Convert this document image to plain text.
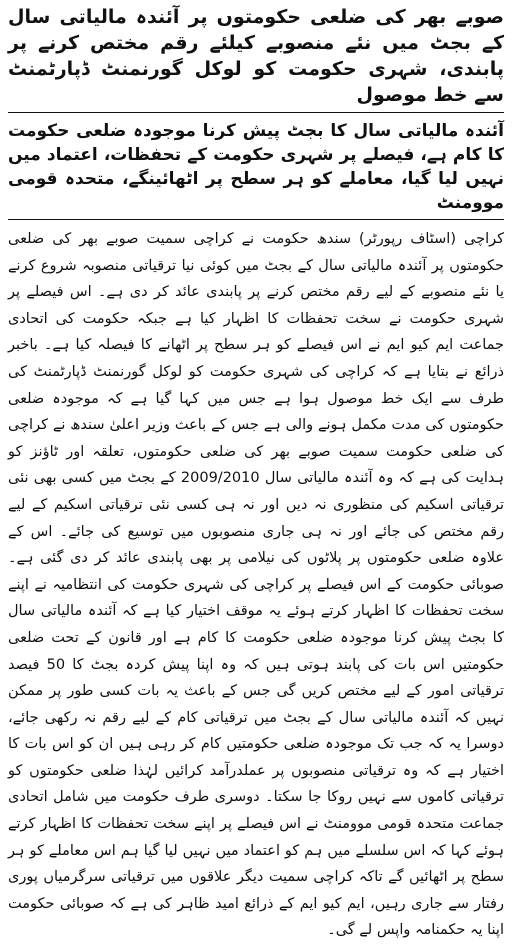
صوبے بھر کی ضلعی حکومتوں پر آئندہ مالیاتی سال کے بجٹ میں نئے منصوبے کیلئے رقم مختص کرنے پر پابندی، شہری حکومت کو لوکل گورنمنٹ ڈپارٹمنٹ سے خط موصول
آئندہ مالیاتی سال کا بجٹ پیش کرنا موجودہ ضلعی حکومت کا کام ہے، فیصلے پر شہری حکومت کے تحفظات، اعتماد میں نہیں لیا گیا، معاملے کو ہر سطح پر اٹھائینگے، متحدہ قومی موومنٹ

کراچی (اسٹاف رپورٹر) سندھ حکومت نے کراچی سمیت صوبے بھر کی ضلعی حکومتوں پر آئندہ مالیاتی سال کے بجٹ میں کوئی نیا ترقیاتی منصوبہ شروع کرنے یا نئے منصوبے کے لیے رقم مختص کرنے پر پابندی عائد کر دی ہے۔ اس فیصلے پر شہری حکومت نے سخت تحفظات کا اظہار کیا ہے جبکہ حکومت کی اتحادی جماعت ایم کیو ایم نے اس فیصلے کو ہر سطح پر اٹھانے کا فیصلہ کیا ہے۔ باخبر ذرائع نے بتایا ہے کہ کراچی کی شہری حکومت کو لوکل گورنمنٹ ڈپارٹمنٹ کی طرف سے ایک خط موصول ہوا ہے جس میں کہا گیا ہے کہ موجودہ ضلعی حکومتوں کی مدت مکمل ہونے والی ہے جس کے باعث وزیر اعلیٰ سندھ نے کراچی کی ضلعی حکومت سمیت صوبے بھر کی ضلعی حکومتوں، تعلقہ اور ٹاؤنز کو ہدایت کی ہے کہ وہ آئندہ مالیاتی سال 2009/2010 کے بجٹ میں کسی بھی نئی ترقیاتی اسکیم کی منظوری نہ دیں اور نہ ہی کسی نئی ترقیاتی اسکیم کے لیے رقم مختص کی جائے اور نہ ہی جاری منصوبوں میں توسیع کی جائے۔ اس کے علاوہ ضلعی حکومتوں پر پلاٹوں کی نیلامی پر بھی پابندی عائد کر دی گئی ہے۔ صوبائی حکومت کے اس فیصلے پر کراچی کی شہری حکومت کی انتظامیہ نے اپنے سخت تحفظات کا اظہار کرتے ہوئے یہ موقف اختیار کیا ہے کہ آئندہ مالیاتی سال کا بجٹ پیش کرنا موجودہ ضلعی حکومت کا کام ہے اور قانون کے تحت ضلعی حکومتیں اس بات کی پابند ہوتی ہیں کہ وہ اپنا پیش کردہ بجٹ کا 50 فیصد ترقیاتی امور کے لیے مختص کریں گی جس کے باعث یہ بات کسی طور پر ممکن نہیں کہ آئندہ مالیاتی سال کے بجٹ میں ترقیاتی کام کے لیے رقم نہ رکھی جائے، دوسرا یہ کہ جب تک موجودہ ضلعی حکومتیں کام کر رہی ہیں ان کو اس بات کا اختیار ہے کہ وہ ترقیاتی منصوبوں پر عملدرآمد کرائیں لہٰذا ضلعی حکومتوں کو ترقیاتی کاموں سے نہیں روکا جا سکتا۔ دوسری طرف حکومت میں شامل اتحادی جماعت متحدہ قومی موومنٹ نے اس فیصلے پر اپنے سخت تحفظات کا اظہار کرتے ہوئے کہا کہ اس سلسلے میں ہم کو اعتماد میں نہیں لیا گیا ہم اس معاملے کو ہر سطح پر اٹھائیں گے تاکہ کراچی سمیت دیگر علاقوں میں ترقیاتی سرگرمیاں پوری رفتار سے جاری رہیں، ایم کیو ایم کے ذرائع امید ظاہر کی ہے کہ صوبائی حکومت اپنا یہ حکمنامہ واپس لے گی۔
